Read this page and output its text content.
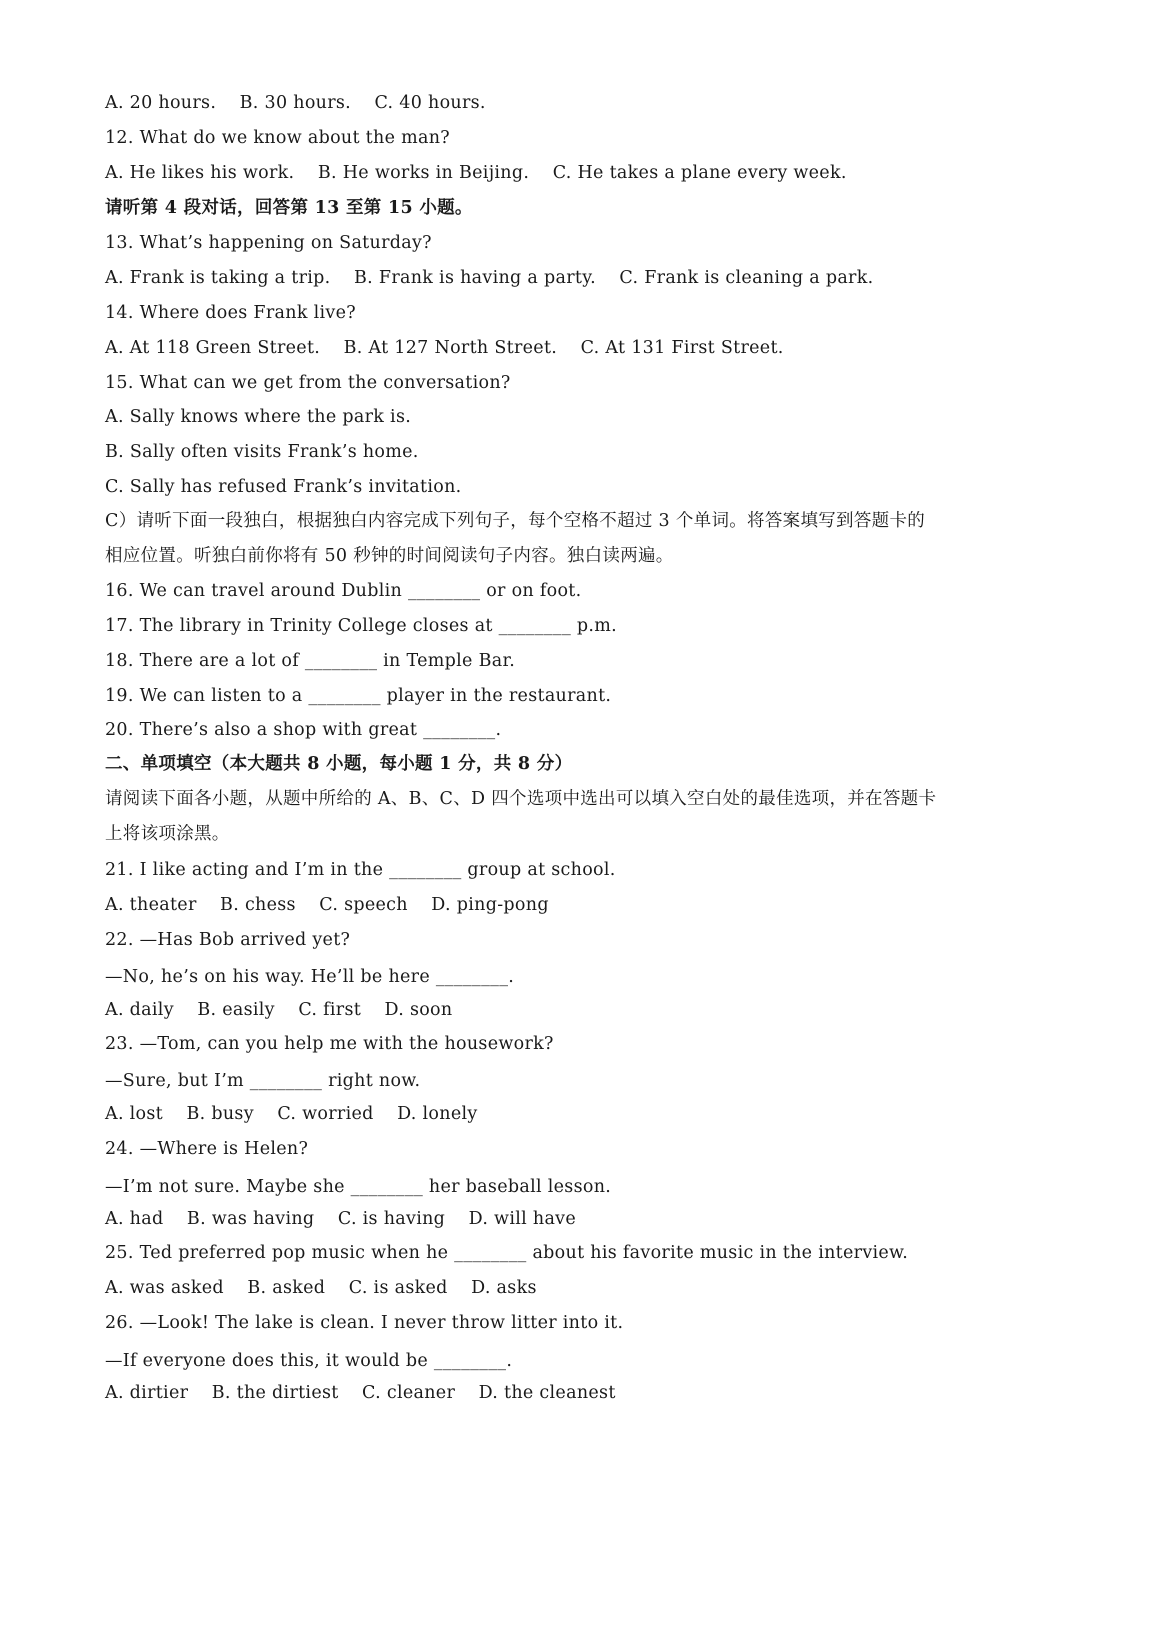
A. 20 hours.    B. 30 hours.    C. 40 hours.
12. What do we know about the man?
A. He likes his work.    B. He works in Beijing.    C. He takes a plane every week.
请听第 4 段对话，回答第 13 至第 15 小题。
13. What’s happening on Saturday?
A. Frank is taking a trip.    B. Frank is having a party.    C. Frank is cleaning a park.
14. Where does Frank live?
A. At 118 Green Street.    B. At 127 North Street.    C. At 131 First Street.
15. What can we get from the conversation?
A. Sally knows where the park is.
B. Sally often visits Frank’s home.
C. Sally has refused Frank’s invitation.
C）请听下面一段独白，根据独白内容完成下列句子，每个空格不超过 3 个单词。将答案填写到答题卡的
相应位置。听独白前你将有 50 秒钟的时间阅读句子内容。独白读两遍。
16. We can travel around Dublin ________ or on foot.
17. The library in Trinity College closes at ________ p.m.
18. There are a lot of ________ in Temple Bar.
19. We can listen to a ________ player in the restaurant.
20. There’s also a shop with great ________.
二、单项填空（本大题共 8 小题，每小题 1 分，共 8 分）
请阅读下面各小题，从题中所给的 A、B、C、D 四个选项中选出可以填入空白处的最佳选项，并在答题卡
上将该项涂黑。
21. I like acting and I’m in the ________ group at school.
A. theater    B. chess    C. speech    D. ping-pong
22. —Has Bob arrived yet?
—No, he’s on his way. He’ll be here ________.
A. daily    B. easily    C. first    D. soon
23. —Tom, can you help me with the housework?
—Sure, but I’m ________ right now.
A. lost    B. busy    C. worried    D. lonely
24. —Where is Helen?
—I’m not sure. Maybe she ________ her baseball lesson.
A. had    B. was having    C. is having    D. will have
25. Ted preferred pop music when he ________ about his favorite music in the interview.
A. was asked    B. asked    C. is asked    D. asks
26. —Look! The lake is clean. I never throw litter into it.
—If everyone does this, it would be ________.
A. dirtier    B. the dirtiest    C. cleaner    D. the cleanest
